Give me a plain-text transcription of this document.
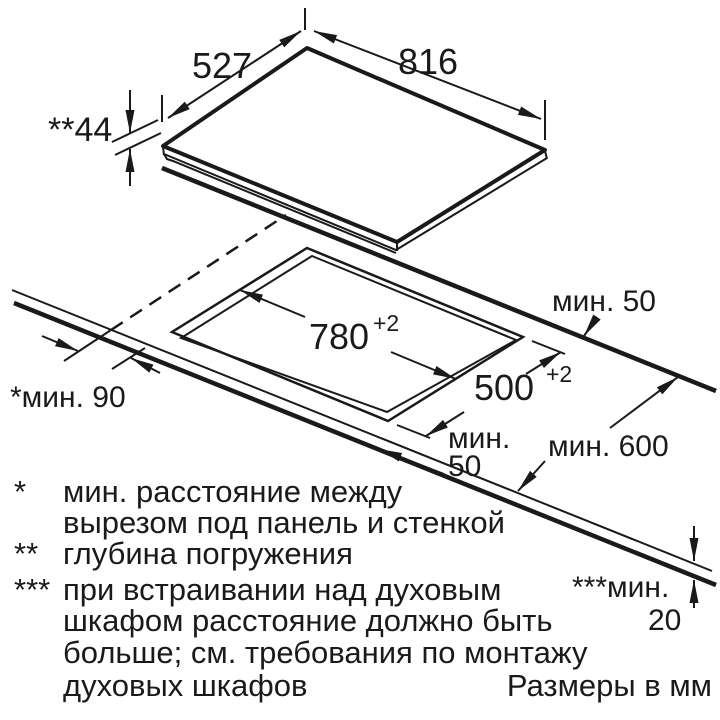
527	816
**44
780 +2
500 +2
мин. 50
мин.
50
*мин. 90
мин. 600
***мин.
20
* мин. расстояние между
вырезом под панель и стенкой
** глубина погружения
*** при встраивании над духовым
шкафом расстояние должно быть
больше; см. требования по монтажу
духовых шкафов	Размеры в мм
